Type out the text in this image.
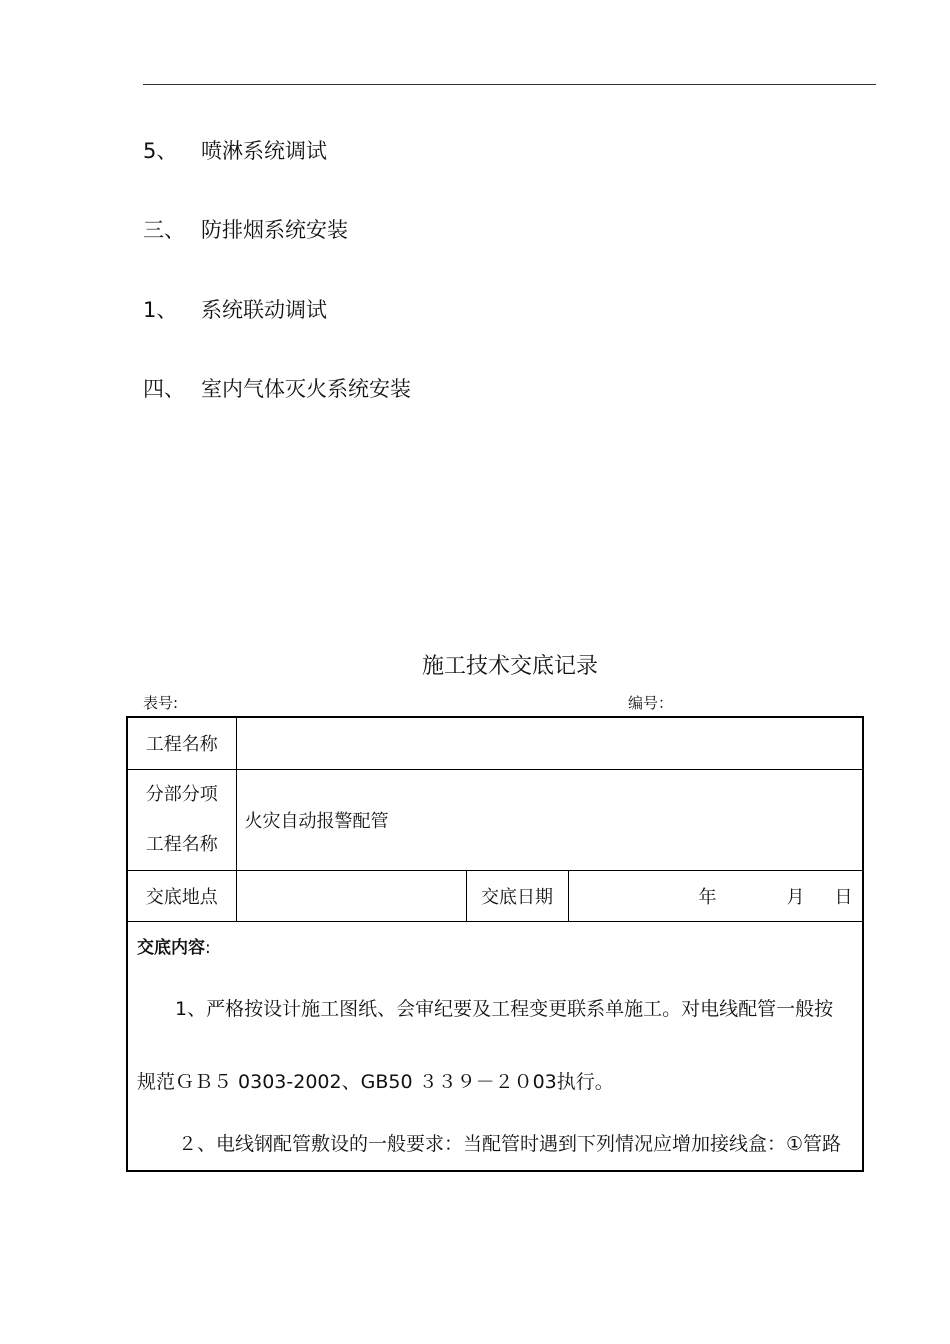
5、 喷淋系统调试
三、 防排烟系统安装
1、 系统联动调试
四、 室内气体灭火系统安装
施工技术交底记录
表号:	编号：
工程名称			

分部分项
工程名称	火灾自动报警配管		
交底地点		交底日期	年 月 日

交底内容:
1、严格按设计施工图纸、会审纪要及工程变更联系单施工。对电线配管一般按
规范ＧＢ５ 0303-2002、GB50 ３３９－２０03执行。
２、电线钢配管敷设的一般要求：当配管时遇到下列情况应增加接线盒：①管路			
